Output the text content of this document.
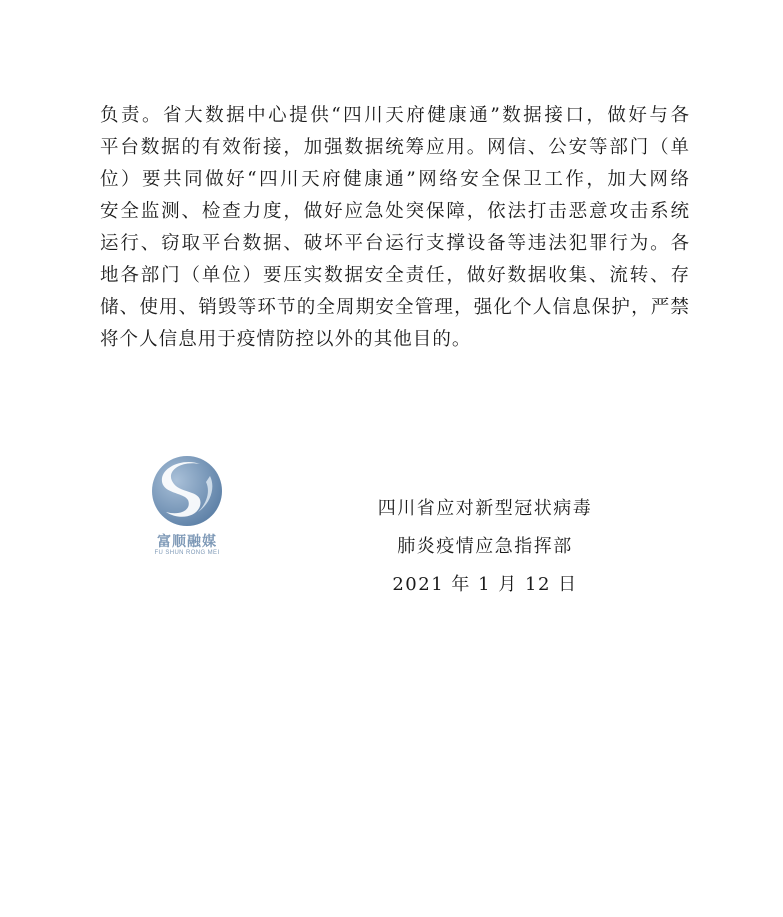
负责。省大数据中心提供“四川天府健康通”数据接口，做好与各
平台数据的有效衔接，加强数据统筹应用。网信、公安等部门（单
位）要共同做好“四川天府健康通”网络安全保卫工作，加大网络
安全监测、检查力度，做好应急处突保障，依法打击恶意攻击系统
运行、窃取平台数据、破坏平台运行支撑设备等违法犯罪行为。各
地各部门（单位）要压实数据安全责任，做好数据收集、流转、存
储、使用、销毁等环节的全周期安全管理，强化个人信息保护，严禁
将个人信息用于疫情防控以外的其他目的。
富顺融媒
FU SHUN RONG MEI
四川省应对新型冠状病毒
肺炎疫情应急指挥部
2021 年 1 月 12 日
